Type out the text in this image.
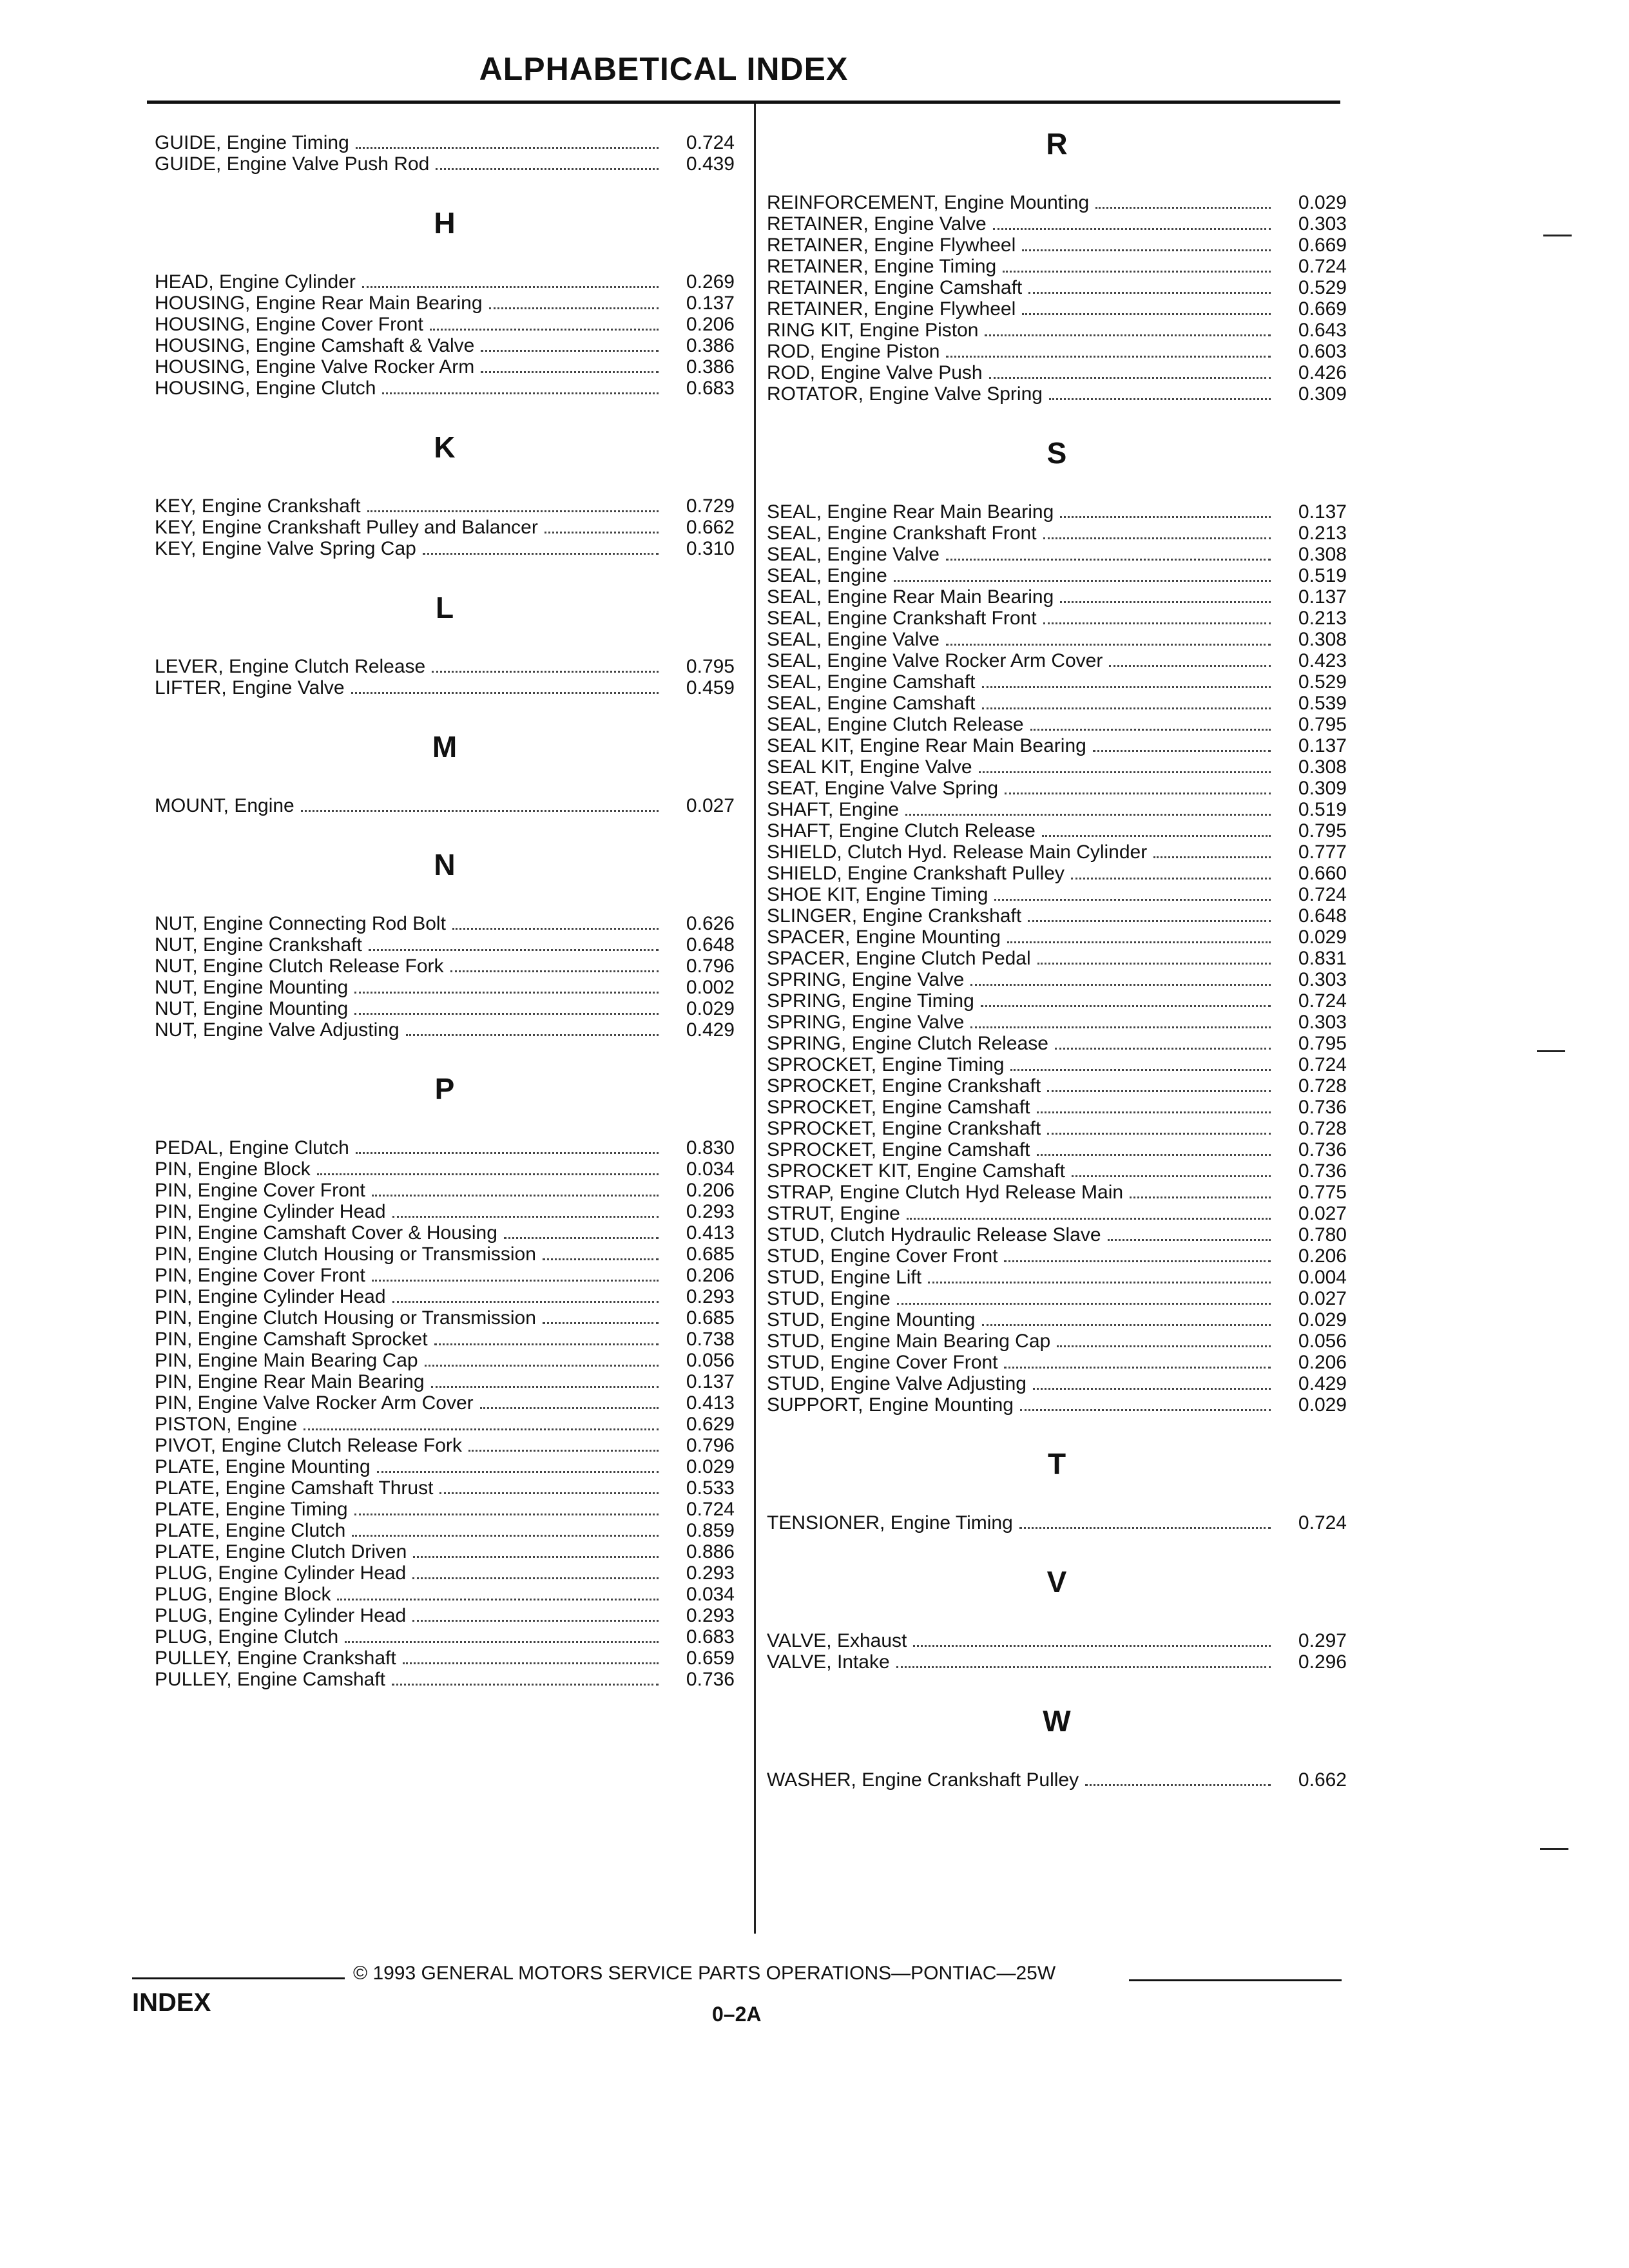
ALPHABETICAL INDEX
GUIDE, Engine Timing	0.724
GUIDE, Engine Valve Push Rod	0.439
H
HEAD, Engine Cylinder	0.269
HOUSING, Engine Rear Main Bearing	0.137
HOUSING, Engine Cover Front	0.206
HOUSING, Engine Camshaft & Valve	0.386
HOUSING, Engine Valve Rocker Arm	0.386
HOUSING, Engine Clutch	0.683
K
KEY, Engine Crankshaft	0.729
KEY, Engine Crankshaft Pulley and Balancer	0.662
KEY, Engine Valve Spring Cap	0.310
L
LEVER, Engine Clutch Release	0.795
LIFTER, Engine Valve	0.459
M
MOUNT, Engine	0.027
N
NUT, Engine Connecting Rod Bolt	0.626
NUT, Engine Crankshaft	0.648
NUT, Engine Clutch Release Fork	0.796
NUT, Engine Mounting	0.002
NUT, Engine Mounting	0.029
NUT, Engine Valve Adjusting	0.429
P
PEDAL, Engine Clutch	0.830
PIN, Engine Block	0.034
PIN, Engine Cover Front	0.206
PIN, Engine Cylinder Head	0.293
PIN, Engine Camshaft Cover & Housing	0.413
PIN, Engine Clutch Housing or Transmission	0.685
PIN, Engine Cover Front	0.206
PIN, Engine Cylinder Head	0.293
PIN, Engine Clutch Housing or Transmission	0.685
PIN, Engine Camshaft Sprocket	0.738
PIN, Engine Main Bearing Cap	0.056
PIN, Engine Rear Main Bearing	0.137
PIN, Engine Valve Rocker Arm Cover	0.413
PISTON, Engine	0.629
PIVOT, Engine Clutch Release Fork	0.796
PLATE, Engine Mounting	0.029
PLATE, Engine Camshaft Thrust	0.533
PLATE, Engine Timing	0.724
PLATE, Engine Clutch	0.859
PLATE, Engine Clutch Driven	0.886
PLUG, Engine Cylinder Head	0.293
PLUG, Engine Block	0.034
PLUG, Engine Cylinder Head	0.293
PLUG, Engine Clutch	0.683
PULLEY, Engine Crankshaft	0.659
PULLEY, Engine Camshaft	0.736
R
REINFORCEMENT, Engine Mounting	0.029
RETAINER, Engine Valve	0.303
RETAINER, Engine Flywheel	0.669
RETAINER, Engine Timing	0.724
RETAINER, Engine Camshaft	0.529
RETAINER, Engine Flywheel	0.669
RING KIT, Engine Piston	0.643
ROD, Engine Piston	0.603
ROD, Engine Valve Push	0.426
ROTATOR, Engine Valve Spring	0.309
S
SEAL, Engine Rear Main Bearing	0.137
SEAL, Engine Crankshaft Front	0.213
SEAL, Engine Valve	0.308
SEAL, Engine	0.519
SEAL, Engine Rear Main Bearing	0.137
SEAL, Engine Crankshaft Front	0.213
SEAL, Engine Valve	0.308
SEAL, Engine Valve Rocker Arm Cover	0.423
SEAL, Engine Camshaft	0.529
SEAL, Engine Camshaft	0.539
SEAL, Engine Clutch Release	0.795
SEAL KIT, Engine Rear Main Bearing	0.137
SEAL KIT, Engine Valve	0.308
SEAT, Engine Valve Spring	0.309
SHAFT, Engine	0.519
SHAFT, Engine Clutch Release	0.795
SHIELD, Clutch Hyd. Release Main Cylinder	0.777
SHIELD, Engine Crankshaft Pulley	0.660
SHOE KIT, Engine Timing	0.724
SLINGER, Engine Crankshaft	0.648
SPACER, Engine Mounting	0.029
SPACER, Engine Clutch Pedal	0.831
SPRING, Engine Valve	0.303
SPRING, Engine Timing	0.724
SPRING, Engine Valve	0.303
SPRING, Engine Clutch Release	0.795
SPROCKET, Engine Timing	0.724
SPROCKET, Engine Crankshaft	0.728
SPROCKET, Engine Camshaft	0.736
SPROCKET, Engine Crankshaft	0.728
SPROCKET, Engine Camshaft	0.736
SPROCKET KIT, Engine Camshaft	0.736
STRAP, Engine Clutch Hyd Release Main	0.775
STRUT, Engine	0.027
STUD, Clutch Hydraulic Release Slave	0.780
STUD, Engine Cover Front	0.206
STUD, Engine Lift	0.004
STUD, Engine	0.027
STUD, Engine Mounting	0.029
STUD, Engine Main Bearing Cap	0.056
STUD, Engine Cover Front	0.206
STUD, Engine Valve Adjusting	0.429
SUPPORT, Engine Mounting	0.029
T
TENSIONER, Engine Timing	0.724
V
VALVE, Exhaust	0.297
VALVE, Intake	0.296
W
WASHER, Engine Crankshaft Pulley	0.662
© 1993 GENERAL MOTORS SERVICE PARTS OPERATIONS—PONTIAC—25W
INDEX	0–2A
